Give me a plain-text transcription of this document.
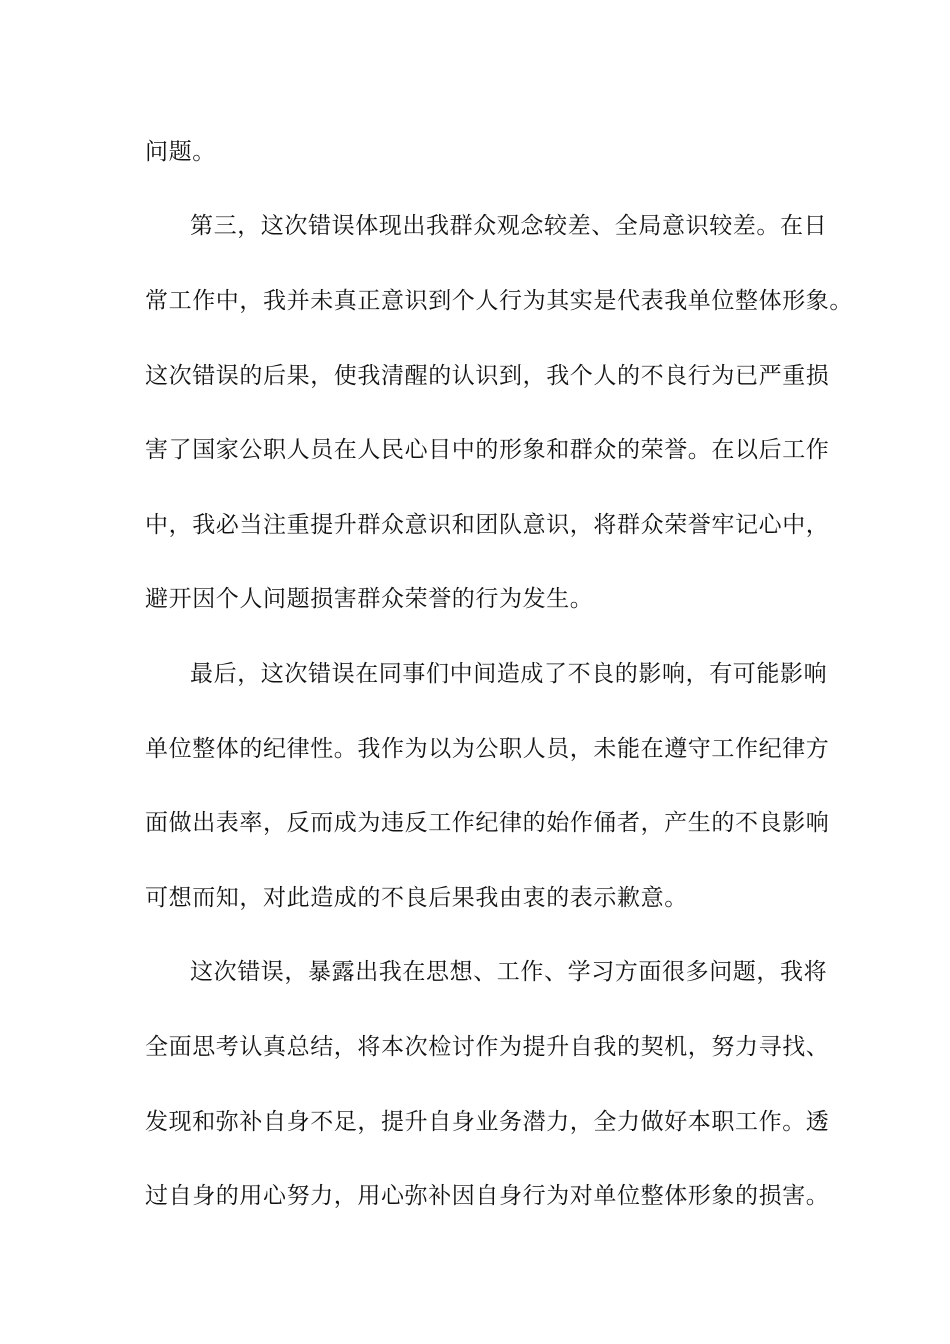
问题。
第三，这次错误体现出我群众观念较差、全局意识较差。在日
常工作中，我并未真正意识到个人行为其实是代表我单位整体形象。
这次错误的后果，使我清醒的认识到，我个人的不良行为已严重损
害了国家公职人员在人民心目中的形象和群众的荣誉。在以后工作
中，我必当注重提升群众意识和团队意识，将群众荣誉牢记心中，
避开因个人问题损害群众荣誉的行为发生。
最后，这次错误在同事们中间造成了不良的影响，有可能影响
单位整体的纪律性。我作为以为公职人员，未能在遵守工作纪律方
面做出表率，反而成为违反工作纪律的始作俑者，产生的不良影响
可想而知，对此造成的不良后果我由衷的表示歉意。
这次错误，暴露出我在思想、工作、学习方面很多问题，我将
全面思考认真总结，将本次检讨作为提升自我的契机，努力寻找、
发现和弥补自身不足，提升自身业务潜力，全力做好本职工作。透
过自身的用心努力，用心弥补因自身行为对单位整体形象的损害。
